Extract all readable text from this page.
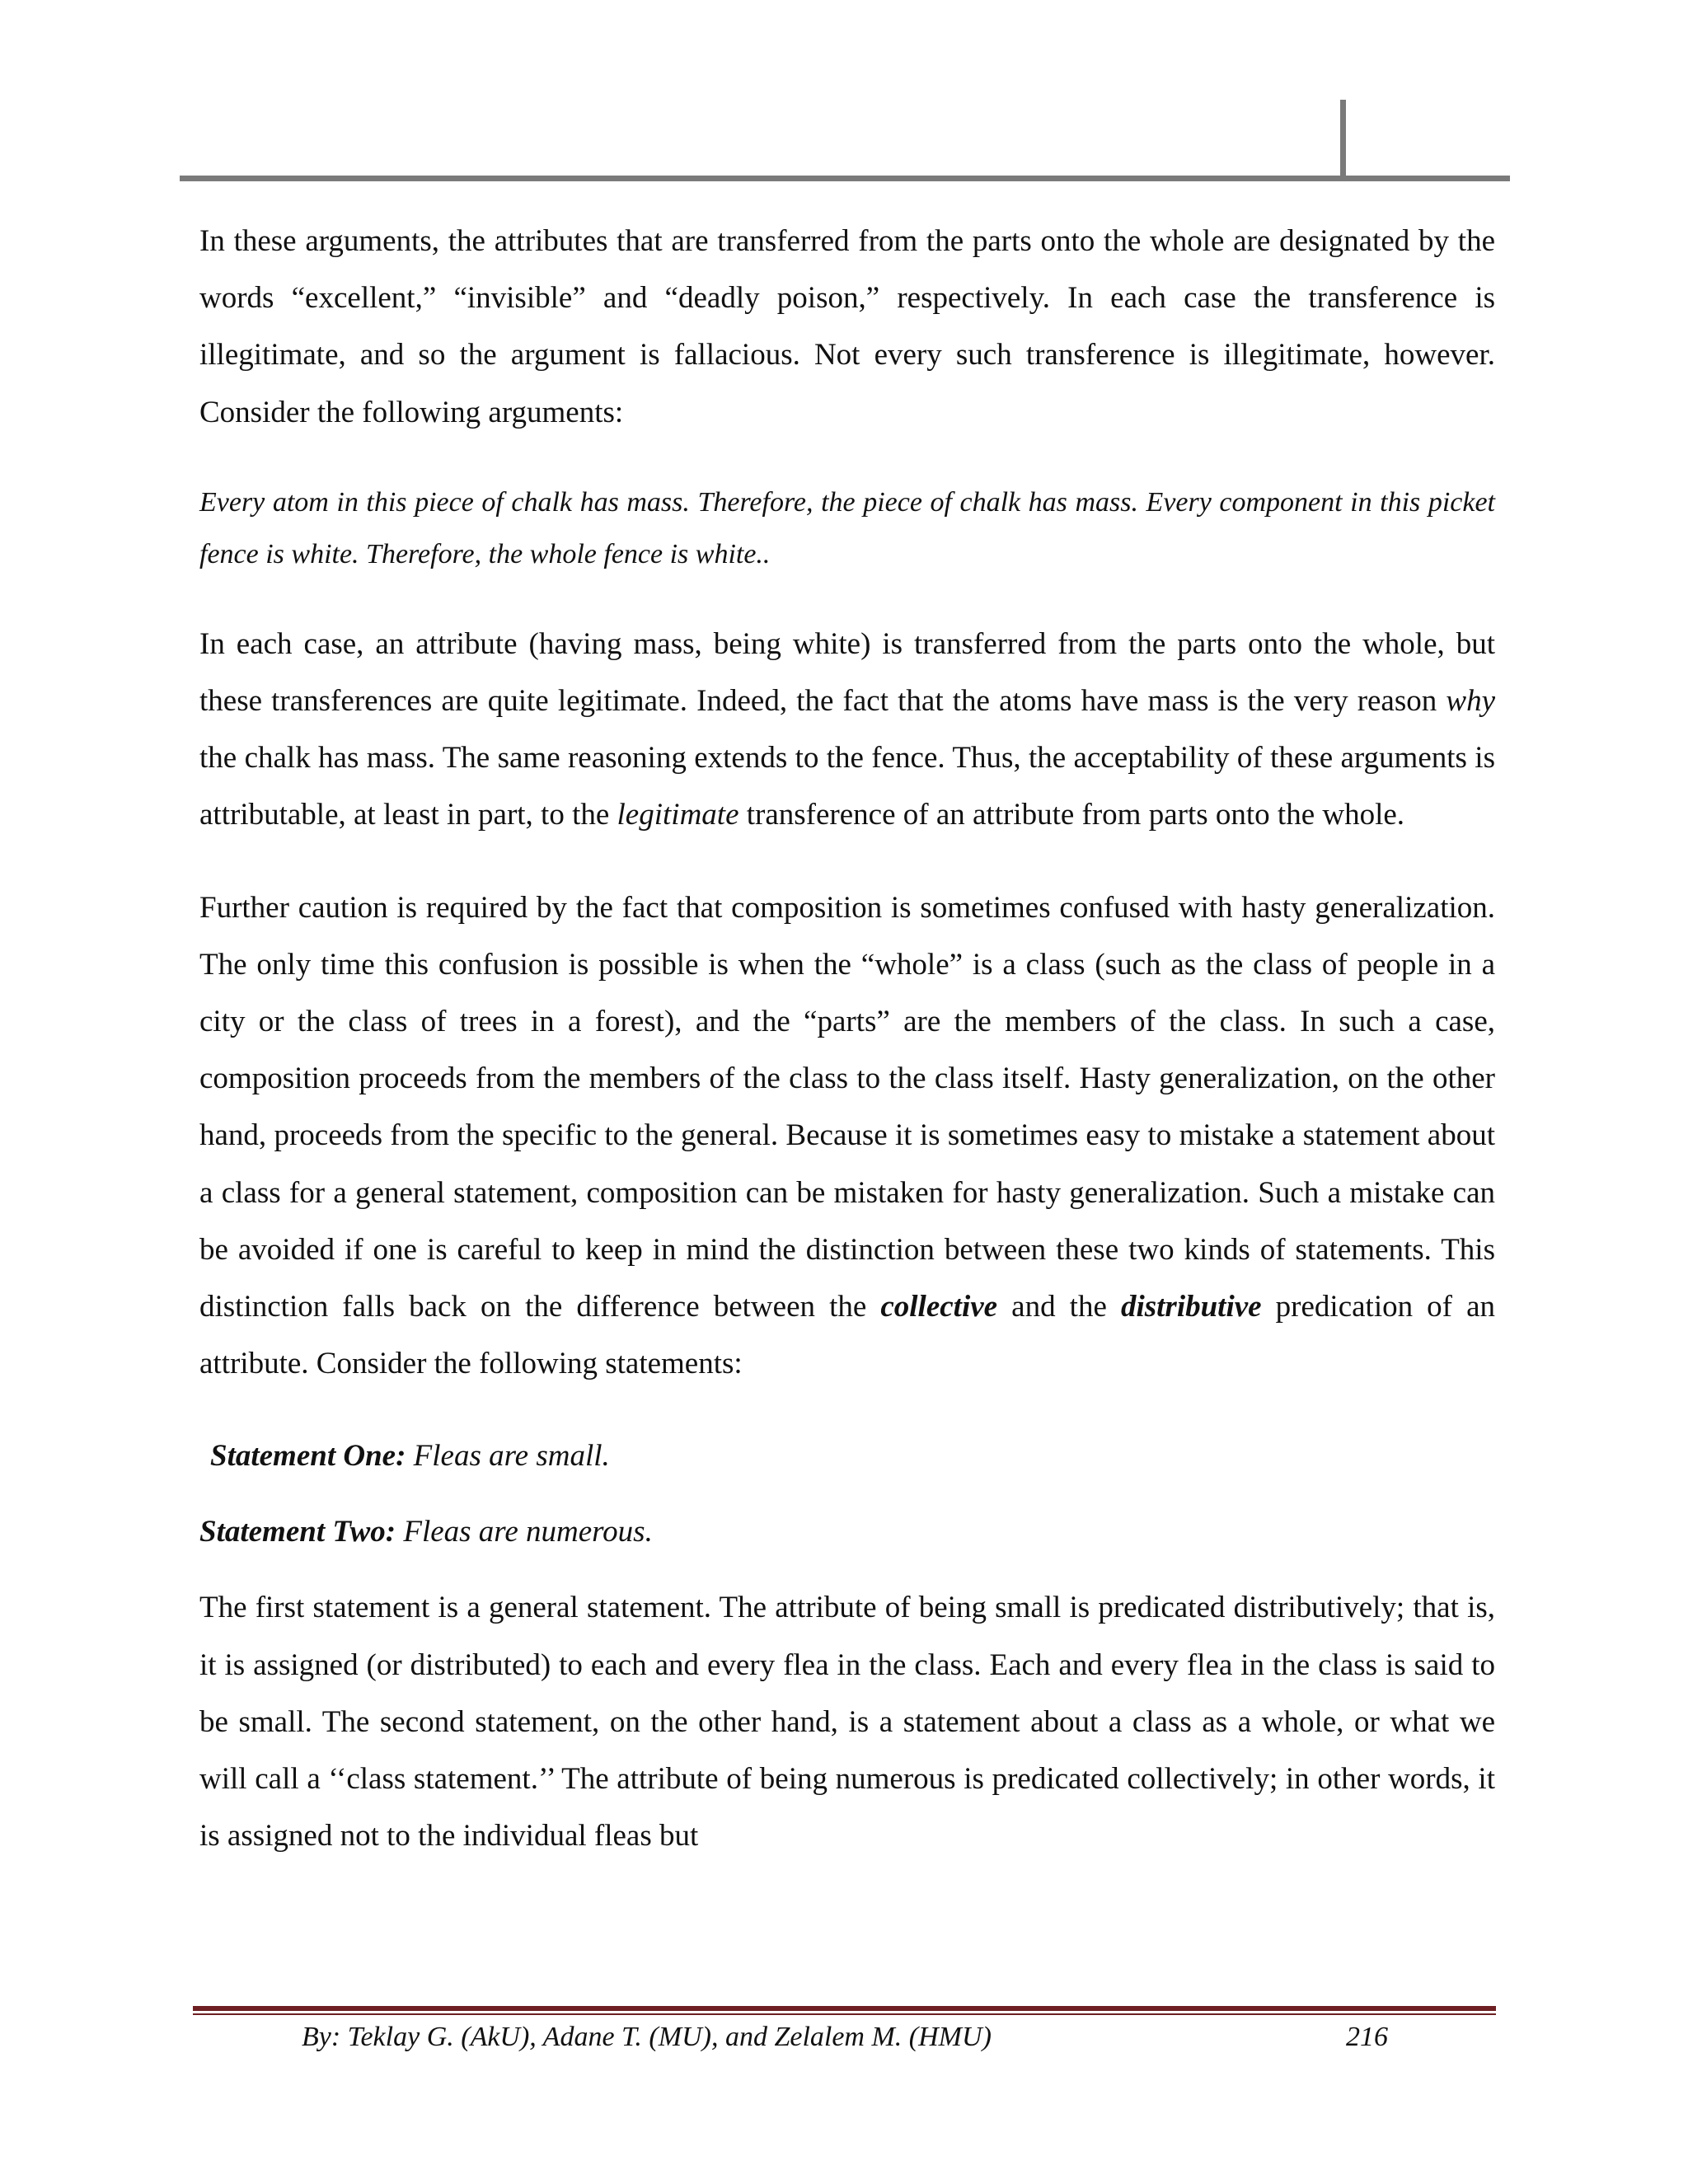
In these arguments, the attributes that are transferred from the parts onto the whole are designated by the words “excellent,” “invisible” and “deadly poison,” respectively. In each case the transference is illegitimate, and so the argument is fallacious. Not every such transference is illegitimate, however. Consider the following arguments:

Every atom in this piece of chalk has mass. Therefore, the piece of chalk has mass. Every component in this picket fence is white. Therefore, the whole fence is white..

In each case, an attribute (having mass, being white) is transferred from the parts onto the whole, but these transferences are quite legitimate. Indeed, the fact that the atoms have mass is the very reason why the chalk has mass. The same reasoning extends to the fence. Thus, the acceptability of these arguments is attributable, at least in part, to the legitimate transference of an attribute from parts onto the whole.

Further caution is required by the fact that composition is sometimes confused with hasty generalization. The only time this confusion is possible is when the “whole” is a class (such as the class of people in a city or the class of trees in a forest), and the “parts” are the members of the class. In such a case, composition proceeds from the members of the class to the class itself. Hasty generalization, on the other hand, proceeds from the specific to the general. Because it is sometimes easy to mistake a statement about a class for a general statement, composition can be mistaken for hasty generalization. Such a mistake can be avoided if one is careful to keep in mind the distinction between these two kinds of statements. This distinction falls back on the difference between the collective and the distributive predication of an attribute. Consider the following statements:

Statement One: Fleas are small.

Statement Two: Fleas are numerous.

The first statement is a general statement. The attribute of being small is predicated distributively; that is, it is assigned (or distributed) to each and every flea in the class. Each and every flea in the class is said to be small. The second statement, on the other hand, is a statement about a class as a whole, or what we will call a ‘‘class statement.’’ The attribute of being numerous is predicated collectively; in other words, it is assigned not to the individual fleas but

By: Teklay G. (AkU), Adane T. (MU), and Zelalem M. (HMU)	216
